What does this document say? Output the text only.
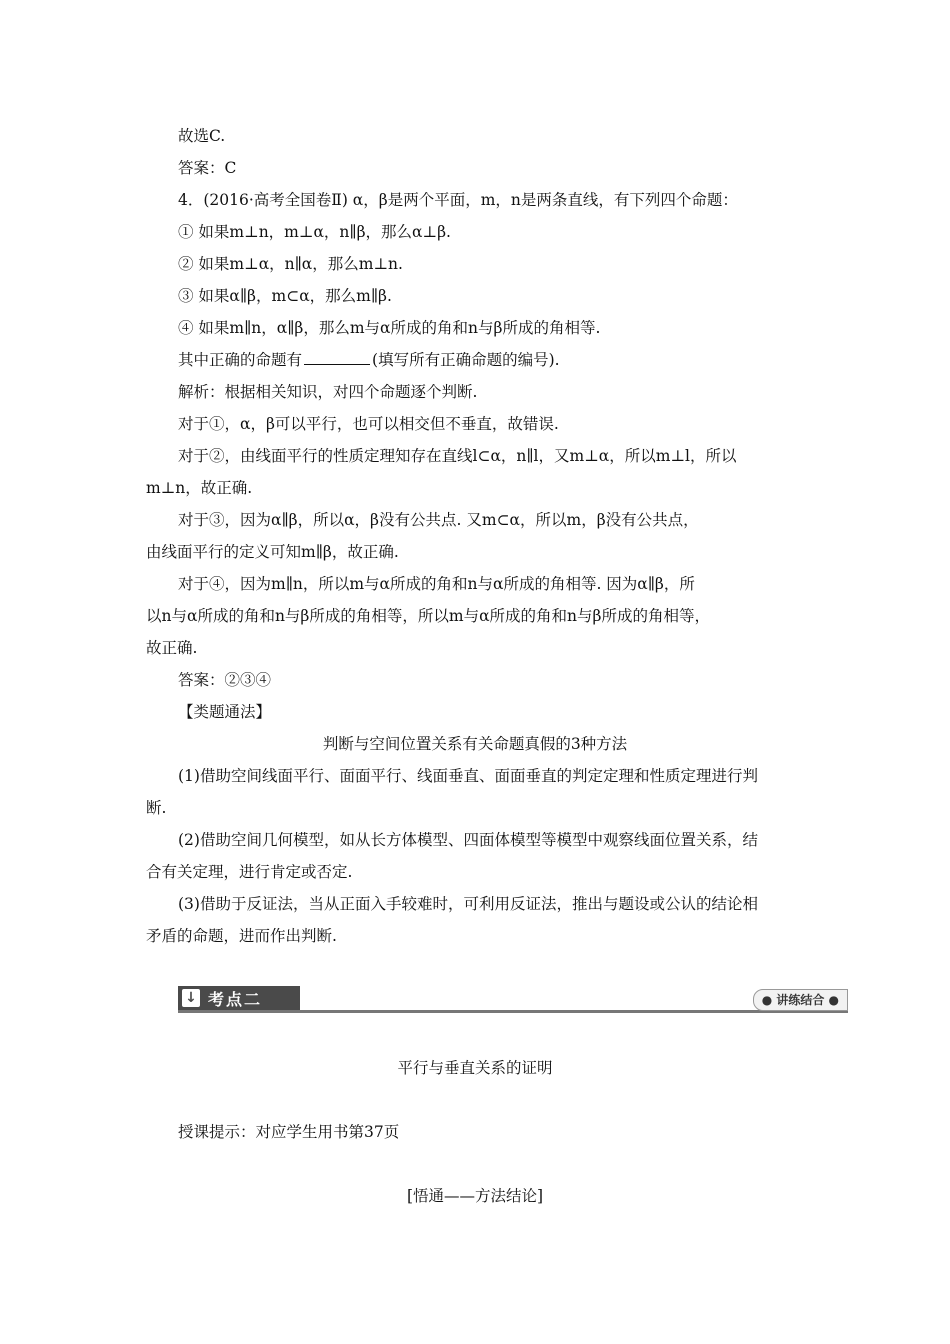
故选C.
答案：C
4．(2016·高考全国卷Ⅱ) α，β是两个平面，m，n是两条直线，有下列四个命题：
① 如果m⊥n，m⊥α，n∥β，那么α⊥β.
② 如果m⊥α，n∥α，那么m⊥n.
③ 如果α∥β，m⊂α，那么m∥β.
④ 如果m∥n，α∥β，那么m与α所成的角和n与β所成的角相等.
其中正确的命题有	(填写所有正确命题的编号).
解析：根据相关知识，对四个命题逐个判断.
对于①，α，β可以平行，也可以相交但不垂直，故错误.
对于②，由线面平行的性质定理知存在直线l⊂α，n∥l，又m⊥α，所以m⊥l，所以
m⊥n，故正确.
对于③，因为α∥β，所以α，β没有公共点. 又m⊂α，所以m，β没有公共点，
由线面平行的定义可知m∥β，故正确.
对于④，因为m∥n，所以m与α所成的角和n与α所成的角相等. 因为α∥β，所
以n与α所成的角和n与β所成的角相等，所以m与α所成的角和n与β所成的角相等，
故正确.
答案：②③④
【类题通法】
判断与空间位置关系有关命题真假的3种方法
(1)借助空间线面平行、面面平行、线面垂直、面面垂直的判定定理和性质定理进行判
断.
(2)借助空间几何模型，如从长方体模型、四面体模型等模型中观察线面位置关系，结
合有关定理，进行肯定或否定.
(3)借助于反证法，当从正面入手较难时，可利用反证法，推出与题设或公认的结论相
矛盾的命题，进而作出判断.
↓ 考点二	● 讲练结合 ●
平行与垂直关系的证明
授课提示：对应学生用书第37页
[悟通——方法结论]
